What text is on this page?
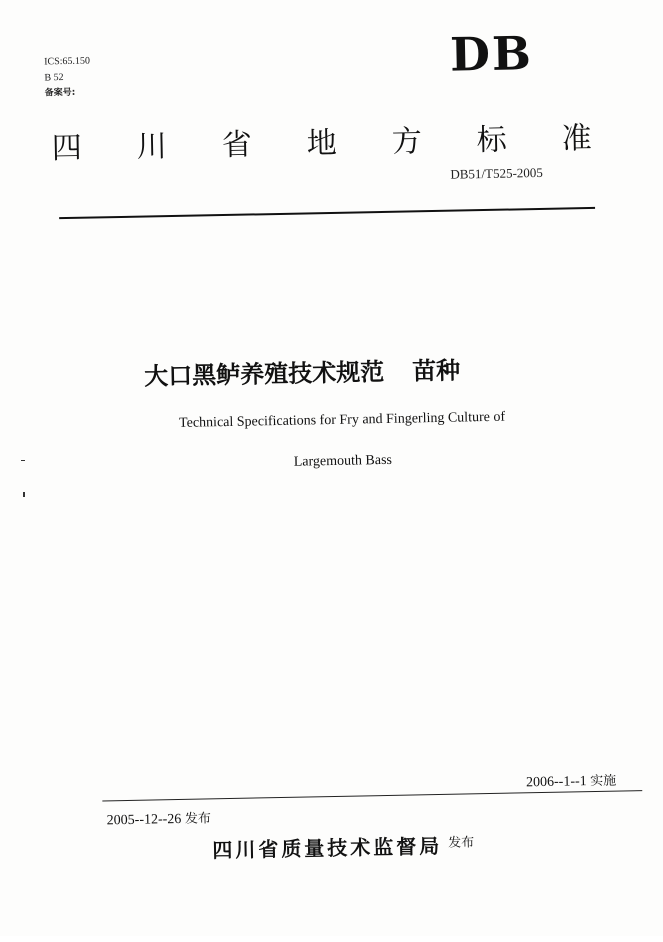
ICS:65.150
B 52
备案号:
DB
四 川 省 地 方 标 准
DB51/T525-2005
大口黑鲈养殖技术规范 苗种
Technical Specifications for Fry and Fingerling Culture of
Largemouth Bass
2006--1--1 实施
2005--12--26 发布
四川省质量技术监督局 $^{发布}$
